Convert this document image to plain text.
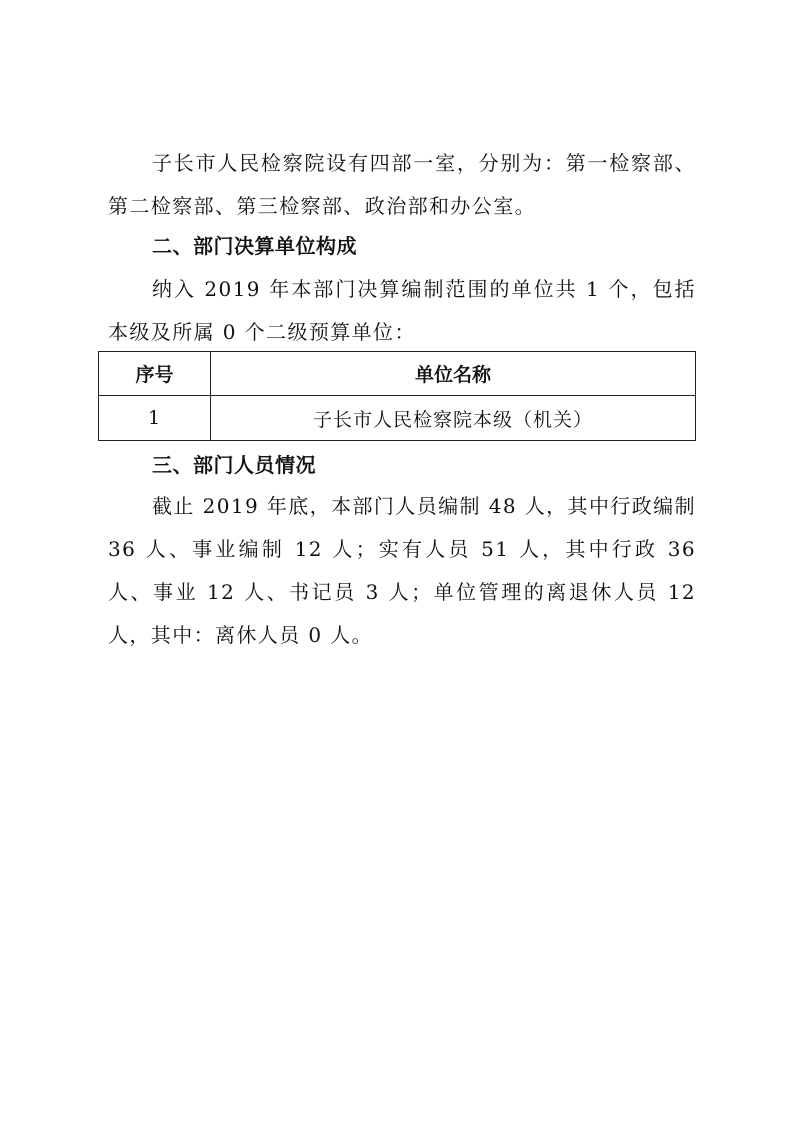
子长市人民检察院设有四部一室，分别为：第一检察部、第二检察部、第三检察部、政治部和办公室。

二、部门决算单位构成

纳入 2019 年本部门决算编制范围的单位共 1 个，包括本级及所属 0 个二级预算单位：

序号	单位名称
1	子长市人民检察院本级（机关）

三、部门人员情况

截止 2019 年底，本部门人员编制 48 人，其中行政编制 36 人、事业编制 12 人；实有人员 51 人，其中行政 36 人、事业 12 人、书记员 3 人；单位管理的离退休人员 12 人，其中：离休人员 0 人。
